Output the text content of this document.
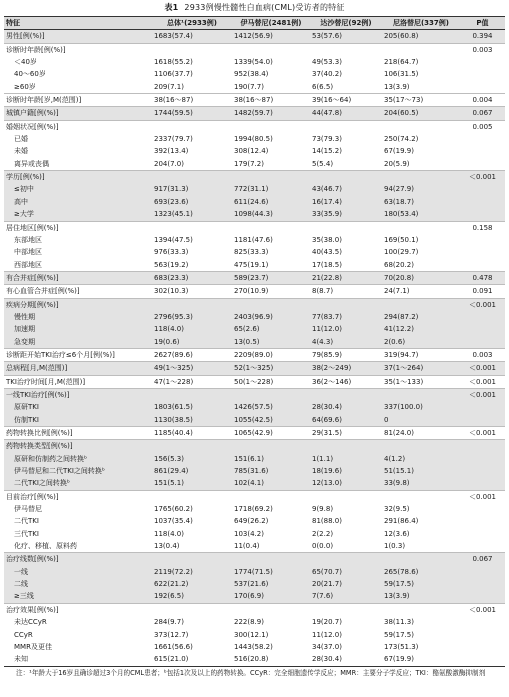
表1 2933例慢性髓性白血病(CML)受访者的特征
特征	总体¹(2933例)	伊马替尼(2481例)	达沙替尼(92例)	尼洛替尼(337例)	P值
男性[例(%)]	1683(57.4)	1412(56.9)	53(57.6)	205(60.8)	0.394
诊断时年龄[例(%)]					0.003
＜40岁	1618(55.2)	1339(54.0)	49(53.3)	218(64.7)	
40～60岁	1106(37.7)	952(38.4)	37(40.2)	106(31.5)	
≥60岁	209(7.1)	190(7.7)	6(6.5)	13(3.9)	
诊断时年龄[岁,M(范围)]	38(16～87)	38(16～87)	39(16～64)	35(17～73)	0.004
城镇户籍[例(%)]	1744(59.5)	1482(59.7)	44(47.8)	204(60.5)	0.067
婚姻状况[例(%)]					0.005
已婚	2337(79.7)	1994(80.5)	73(79.3)	250(74.2)	
未婚	392(13.4)	308(12.4)	14(15.2)	67(19.9)	
离异或丧偶	204(7.0)	179(7.2)	5(5.4)	20(5.9)	
学历[例(%)]					＜0.001
≤初中	917(31.3)	772(31.1)	43(46.7)	94(27.9)	
高中	693(23.6)	611(24.6)	16(17.4)	63(18.7)	
≥大学	1323(45.1)	1098(44.3)	33(35.9)	180(53.4)	
居住地区[例(%)]					0.158
东部地区	1394(47.5)	1181(47.6)	35(38.0)	169(50.1)	
中部地区	976(33.3)	825(33.3)	40(43.5)	100(29.7)	
西部地区	563(19.2)	475(19.1)	17(18.5)	68(20.2)	
有合并症[例(%)]	683(23.3)	589(23.7)	21(22.8)	70(20.8)	0.478
有心血管合并症[例(%)]	302(10.3)	270(10.9)	8(8.7)	24(7.1)	0.091
疾病分期[例(%)]					＜0.001
慢性期	2796(95.3)	2403(96.9)	77(83.7)	294(87.2)	
加速期	118(4.0)	65(2.6)	11(12.0)	41(12.2)	
急变期	19(0.6)	13(0.5)	4(4.3)	2(0.6)	
诊断距开始TKI治疗≤6个月[例(%)]	2627(89.6)	2209(89.0)	79(85.9)	319(94.7)	0.003
总病程[月,M(范围)]	49(1～325)	52(1～325)	38(2～249)	37(1～264)	＜0.001
TKI治疗时间[月,M(范围)]	47(1～228)	50(1～228)	36(2～146)	35(1～133)	＜0.001
一线TKI治疗[例(%)]					＜0.001
原研TKI	1803(61.5)	1426(57.5)	28(30.4)	337(100.0)	
仿制TKI	1130(38.5)	1055(42.5)	64(69.6)	0	
药物转换比例[例(%)]	1185(40.4)	1065(42.9)	29(31.5)	81(24.0)	＜0.001
药物转换类型[例(%)]					
原研和仿制药之间转换ᵇ	156(5.3)	151(6.1)	1(1.1)	4(1.2)	
伊马替尼和二代TKI之间转换ᵇ	861(29.4)	785(31.6)	18(19.6)	51(15.1)	
二代TKI之间转换ᵇ	151(5.1)	102(4.1)	12(13.0)	33(9.8)	
目前治疗[例(%)]					＜0.001
伊马替尼	1765(60.2)	1718(69.2)	9(9.8)	32(9.5)	
二代TKI	1037(35.4)	649(26.2)	81(88.0)	291(86.4)	
三代TKI	118(4.0)	103(4.2)	2(2.2)	12(3.6)	
化疗、移植、原料药	13(0.4)	11(0.4)	0(0.0)	1(0.3)	
治疗线数[例(%)]					0.067
一线	2119(72.2)	1774(71.5)	65(70.7)	265(78.6)	
二线	622(21.2)	537(21.6)	20(21.7)	59(17.5)	
≥三线	192(6.5)	170(6.9)	7(7.6)	13(3.9)	
治疗效果[例(%)]					＜0.001
未达CCyR	284(9.7)	222(8.9)	19(20.7)	38(11.3)	
CCyR	373(12.7)	300(12.1)	11(12.0)	59(17.5)	
MMR及更佳	1661(56.6)	1443(58.2)	34(37.0)	173(51.3)	
未知	615(21.0)	516(20.8)	28(30.4)	67(19.9)	
注：¹年龄大于16岁且确诊超过3个月的CML患者；ᵇ包括1次及以上的药物转换。CCyR：完全细胞遗传学反应；MMR：主要分子学反应；TKI：酪氨酸激酶抑制剂
